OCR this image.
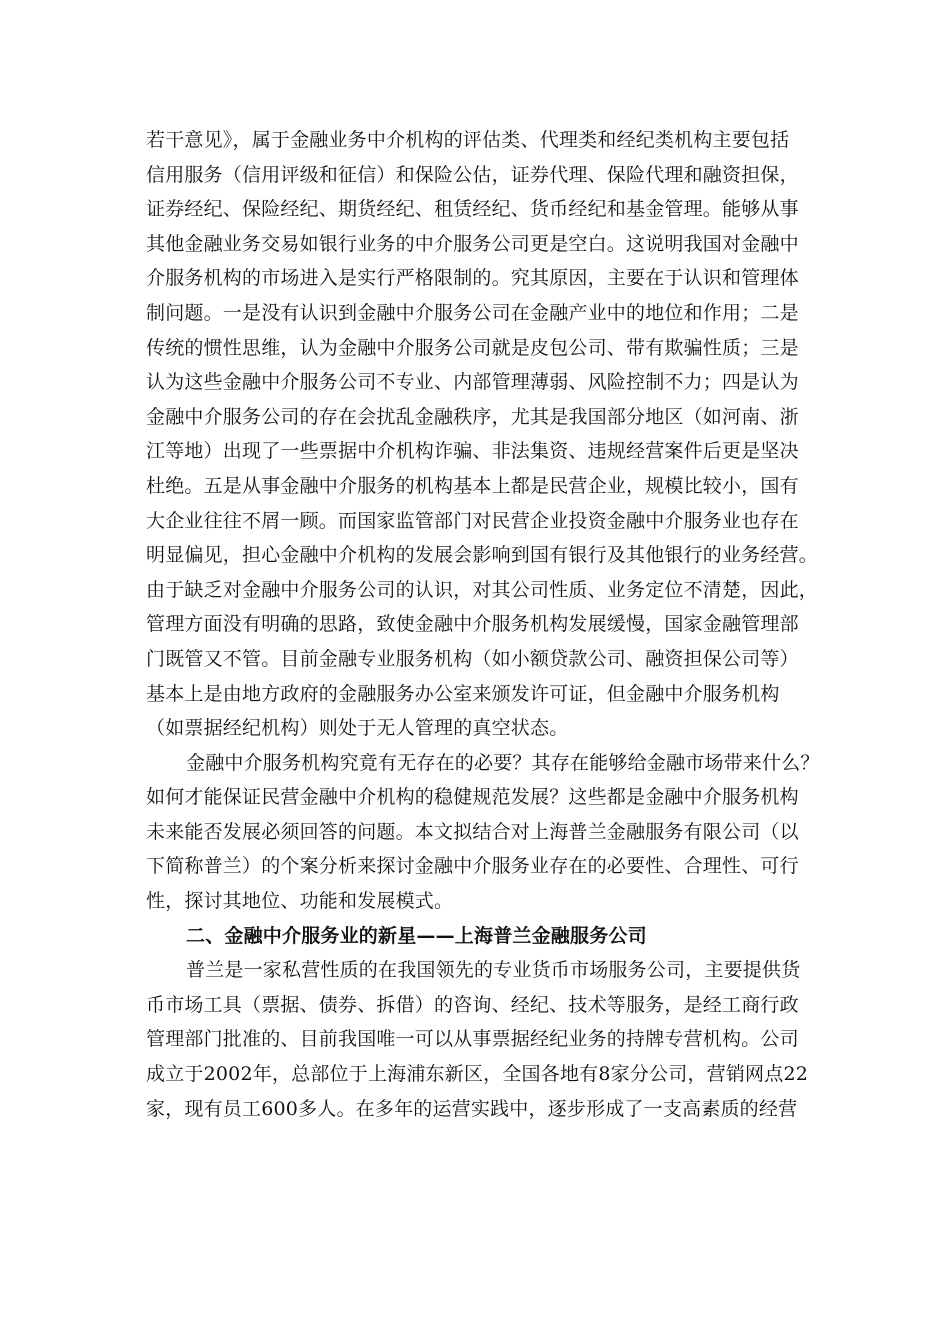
若干意见》，属于金融业务中介机构的评估类、代理类和经纪类机构主要包括
信用服务（信用评级和征信）和保险公估，证券代理、保险代理和融资担保，
证券经纪、保险经纪、期货经纪、租赁经纪、货币经纪和基金管理。能够从事
其他金融业务交易如银行业务的中介服务公司更是空白。这说明我国对金融中
介服务机构的市场进入是实行严格限制的。究其原因，主要在于认识和管理体
制问题。一是没有认识到金融中介服务公司在金融产业中的地位和作用；二是
传统的惯性思维，认为金融中介服务公司就是皮包公司、带有欺骗性质；三是
认为这些金融中介服务公司不专业、内部管理薄弱、风险控制不力；四是认为
金融中介服务公司的存在会扰乱金融秩序，尤其是我国部分地区（如河南、浙
江等地）出现了一些票据中介机构诈骗、非法集资、违规经营案件后更是坚决
杜绝。五是从事金融中介服务的机构基本上都是民营企业，规模比较小，国有
大企业往往不屑一顾。而国家监管部门对民营企业投资金融中介服务业也存在
明显偏见，担心金融中介机构的发展会影响到国有银行及其他银行的业务经营。
由于缺乏对金融中介服务公司的认识，对其公司性质、业务定位不清楚，因此，
管理方面没有明确的思路，致使金融中介服务机构发展缓慢，国家金融管理部
门既管又不管。目前金融专业服务机构（如小额贷款公司、融资担保公司等）
基本上是由地方政府的金融服务办公室来颁发许可证，但金融中介服务机构
（如票据经纪机构）则处于无人管理的真空状态。
金融中介服务机构究竟有无存在的必要？其存在能够给金融市场带来什么？
如何才能保证民营金融中介机构的稳健规范发展？这些都是金融中介服务机构
未来能否发展必须回答的问题。本文拟结合对上海普兰金融服务有限公司（以
下简称普兰）的个案分析来探讨金融中介服务业存在的必要性、合理性、可行
性，探讨其地位、功能和发展模式。
二、金融中介服务业的新星——上海普兰金融服务公司
普兰是一家私营性质的在我国领先的专业货币市场服务公司，主要提供货
币市场工具（票据、债券、拆借）的咨询、经纪、技术等服务，是经工商行政
管理部门批准的、目前我国唯一可以从事票据经纪业务的持牌专营机构。公司
成立于2002年，总部位于上海浦东新区，全国各地有8家分公司，营销网点22
家，现有员工600多人。在多年的运营实践中，逐步形成了一支高素质的经营
